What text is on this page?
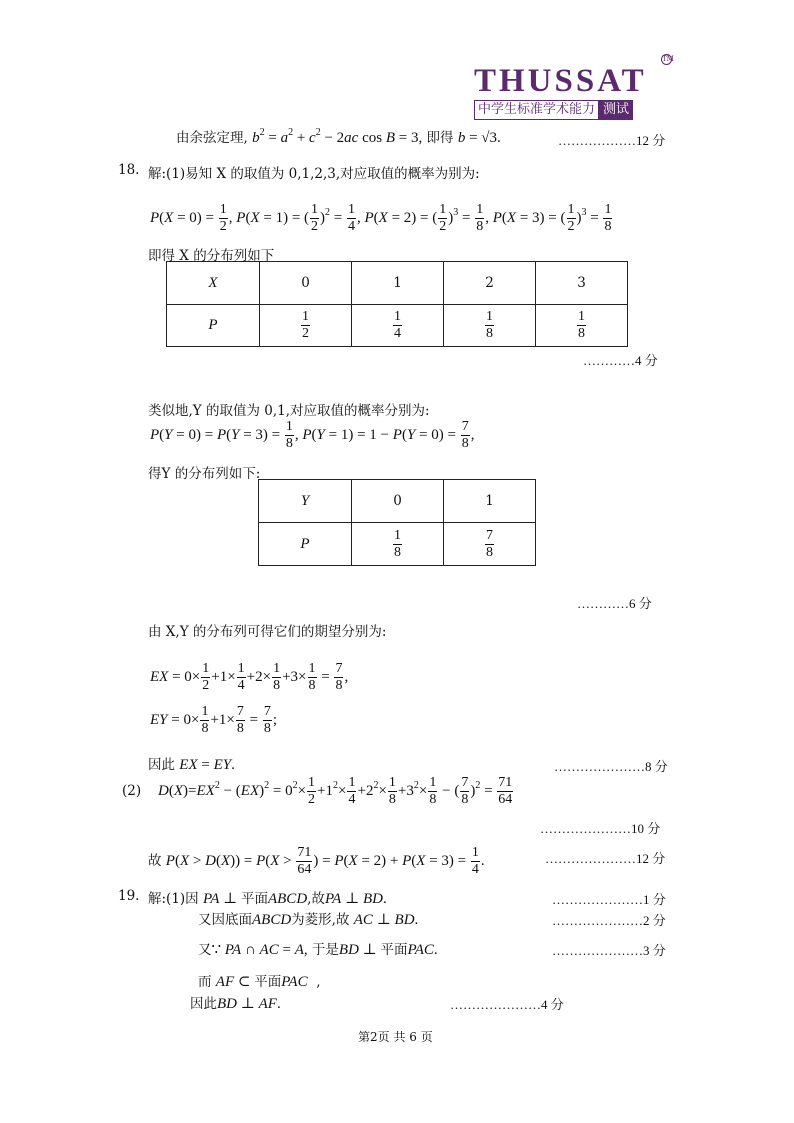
THUSSAT
TM
中学生标准学术能力 测试
由余弦定理, $b^2 = a^2 + c^2 - 2ac$ cos B = 3, 即得 b = √3.	………………12 分
18. 解:(1)易知 X 的取值为 0,1,2,3,对应取值的概率为别为:
$P(X = 0) = \frac{1}{2}$ , P(X = 1) = ( $\frac{1}{2} )^2 = \frac{1}{4}$ , P(X = 2) = ( $\frac{1}{2} )^3 = \frac{1}{8}$ , P(X = 3) = ( $\frac{1}{2} )^3 = \frac{1}{8}$
即得 X 的分布列如下
X	0	1	2	3
P	$\frac{1}{2}$	$\frac{1}{4}$	$\frac{1}{8}$	$\frac{1}{8}$
…………4 分
类似地,Y 的取值为 0,1,对应取值的概率分别为:
$P(Y = 0) = P(Y = 3) = \frac{1}{8}$ , $P(Y = 1) = 1 - P(Y = 0) = \frac{7}{8}$ ,
得Y 的分布列如下:
Y	0	1
P	$\frac{1}{8}$	$\frac{7}{8}$
…………6 分
由 X,Y 的分布列可得它们的期望分别为:
EX = $0\times \frac{1}{2} +1\times \frac{1}{4} +2\times \frac{1}{8} +3\times \frac{1}{8} = \frac{7}{8}$ ,
EY = $0\times \frac{1}{8} +1\times \frac{7}{8} = \frac{7}{8}$ ;
因此 EX = EY.	…………………8 分
(2) $D(X)=EX^2 - (EX)^2 = 0^2\times \frac{1}{2} +1^2\times \frac{1}{4} +2^2\times \frac{1}{8} +3^2\times \frac{1}{8}$ − ( $\frac{7}{8} )^2 = \frac{71}{64}$
…………………10 分
故 $P(X > D(X)) = P(X > \frac{71}{64}$ ) = $P(X = 2) + P(X = 3) = \frac{1}{4}$ .	…………………12 分
19. 解:(1)因 PA ⊥ 平面ABCD,故PA ⊥ BD.	…………………1 分
又因底面ABCD为菱形,故 AC ⊥ BD.	…………………2 分
又∵ PA ∩ AC = A, 于是BD ⊥ 平面PAC.	…………………3 分
而 AF ⊂ 平面PAC  ,
因此BD ⊥ AF.	…………………4 分
第2页 共 6 页
